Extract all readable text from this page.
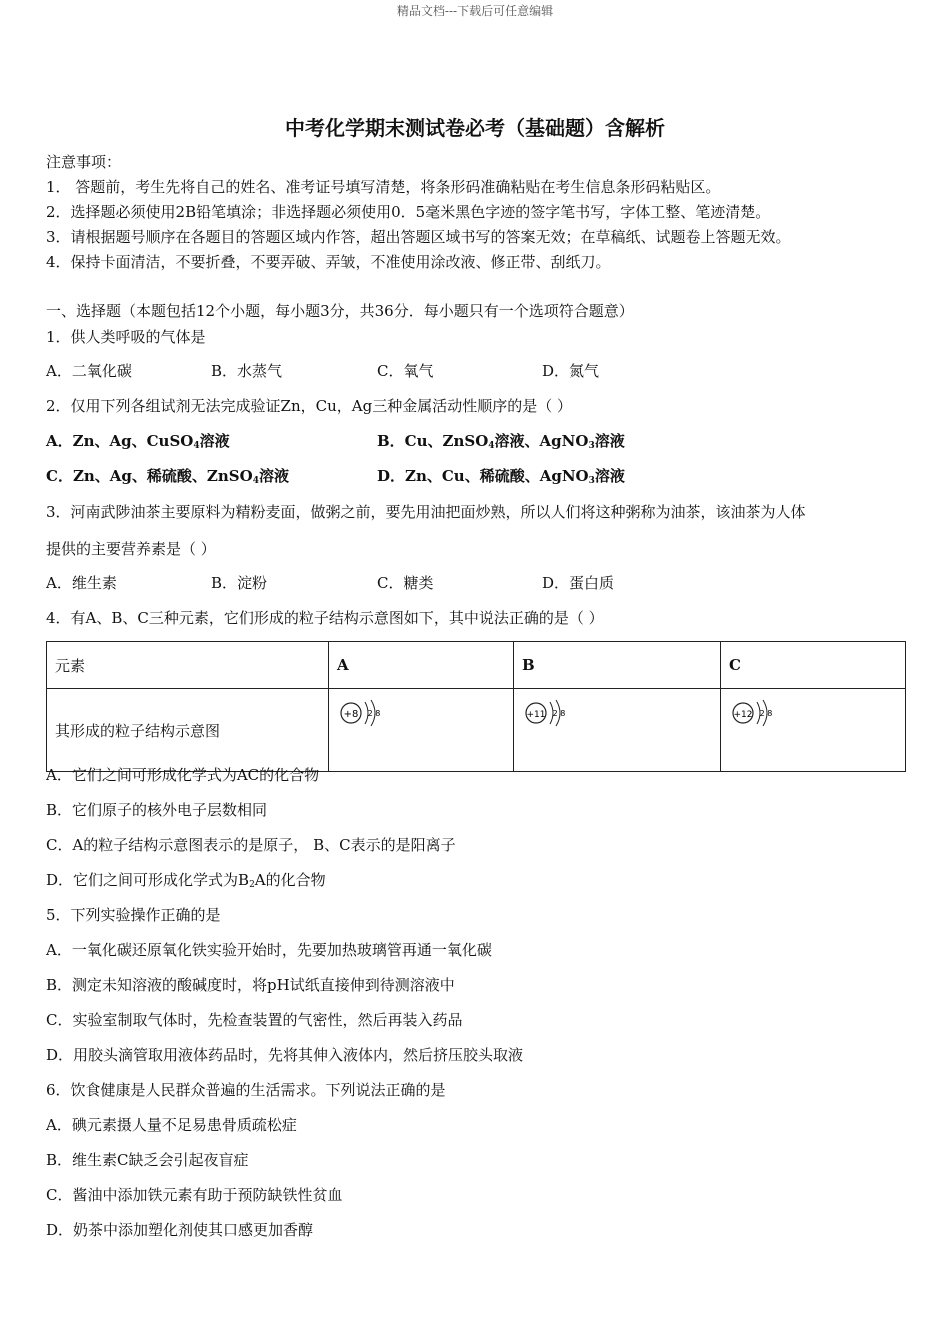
精品文档---下载后可任意编辑
中考化学期末测试卷必考（基础题）含解析
注意事项：
1． 答题前，考生先将自己的姓名、准考证号填写清楚，将条形码准确粘贴在考生信息条形码粘贴区。
2．选择题必须使用2B铅笔填涂；非选择题必须使用0．5毫米黑色字迹的签字笔书写，字体工整、笔迹清楚。
3．请根据题号顺序在各题目的答题区域内作答，超出答题区域书写的答案无效；在草稿纸、试题卷上答题无效。
4．保持卡面清洁，不要折叠，不要弄破、弄皱，不准使用涂改液、修正带、刮纸刀。
一、选择题（本题包括12个小题，每小题3分，共36分．每小题只有一个选项符合题意）
1．供人类呼吸的气体是
A．二氧化碳	B．水蒸气	C．氧气	D．氮气
2．仅用下列各组试剂无法完成验证Zn，Cu，Ag三种金属活动性顺序的是（ ）
A．Zn、Ag、CuSO$_4$溶液	B．Cu、ZnSO$_4$溶液、AgNO$_3$溶液
C．Zn、Ag、稀硫酸、ZnSO$_4$溶液	D．Zn、Cu、稀硫酸、AgNO$_3$溶液
3．河南武陟油茶主要原料为精粉麦面，做粥之前，要先用油把面炒熟，所以人们将这种粥称为油茶，该油茶为人体
提供的主要营养素是（ ）
A．维生素	B．淀粉	C．糖类	D．蛋白质
4．有A、B、C三种元素，它们形成的粒子结构示意图如下，其中说法正确的是（ ）
元素	A	B	C
其形成的粒子结构示意图	+8 2 8	+11 2 8	+12 2 8
A．它们之间可形成化学式为AC的化合物
B．它们原子的核外电子层数相同
C．A的粒子结构示意图表示的是原子， B、C表示的是阳离子
D．它们之间可形成化学式为$B_2A$的化合物
5．下列实验操作正确的是
A．一氧化碳还原氧化铁实验开始时，先要加热玻璃管再通一氧化碳
B．测定未知溶液的酸碱度时，将pH试纸直接伸到待测溶液中
C．实验室制取气体时，先检查装置的气密性，然后再装入药品
D．用胶头滴管取用液体药品时，先将其伸入液体内，然后挤压胶头取液
6．饮食健康是人民群众普遍的生活需求。下列说法正确的是
A．碘元素摄人量不足易患骨质疏松症
B．维生素C缺乏会引起夜盲症
C．酱油中添加铁元素有助于预防缺铁性贫血
D．奶茶中添加塑化剂使其口感更加香醇
